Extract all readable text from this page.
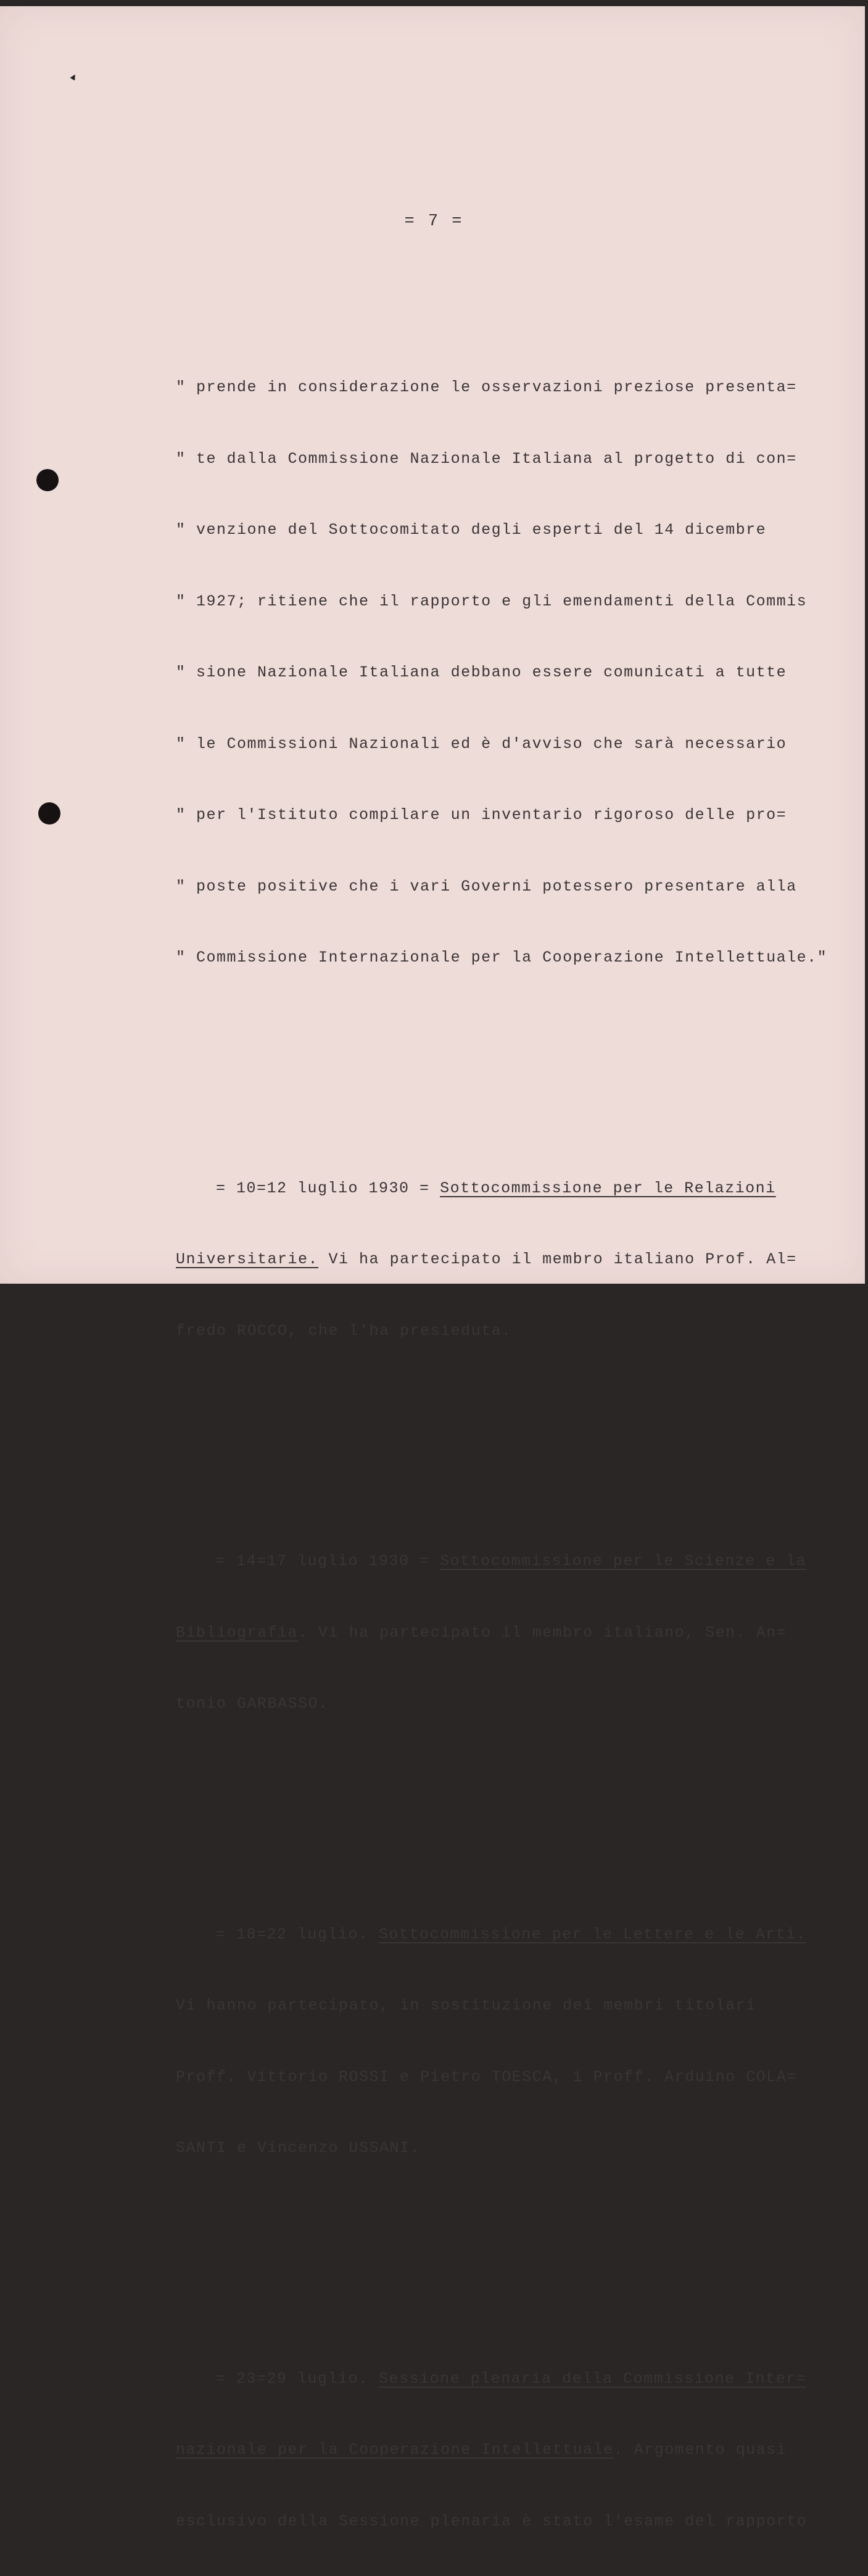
= 7 =

" prende in considerazione le osservazioni preziose presenta=

" te dalla Commissione Nazionale Italiana al progetto di con=

" venzione del Sottocomitato degli esperti del 14 dicembre

" 1927; ritiene che il rapporto e gli emendamenti della Commis

" sione Nazionale Italiana debbano essere comunicati a tutte

" le Commissioni Nazionali ed è d'avviso che sarà necessario

" per l'Istituto compilare un inventario rigoroso delle pro=

" poste positive che i vari Governi potessero presentare alla

" Commissione Internazionale per la Cooperazione Intellettuale."

= 10=12 luglio 1930 = Sottocommissione per le Relazioni

Universitarie. Vi ha partecipato il membro italiano Prof. Al=

fredo ROCCO, che l'ha presieduta.

= 14=17 luglio 1930 = Sottocommissione per le Scienze e la

Bibliografia. Vi ha partecipato il membro italiano, Sen. An=

tonio GARBASSO.

= 18=22 luglio. Sottocommissione per le Lettere e le Arti.

Vi hanno partecipato, in sostituzione dei membri titolari

Proff. Vittorio ROSSI e Pietro TOESCA, i Proff. Arduino COLA=

SANTI e Vincenzo USSANI.

= 23=29 luglio. Sessione plenaria della Commissione Inter=

nazionale per la Cooperazione Intellettuale. Argomento quasi

esclusivo della Sessione plenaria è stato l'esame del rapporto
